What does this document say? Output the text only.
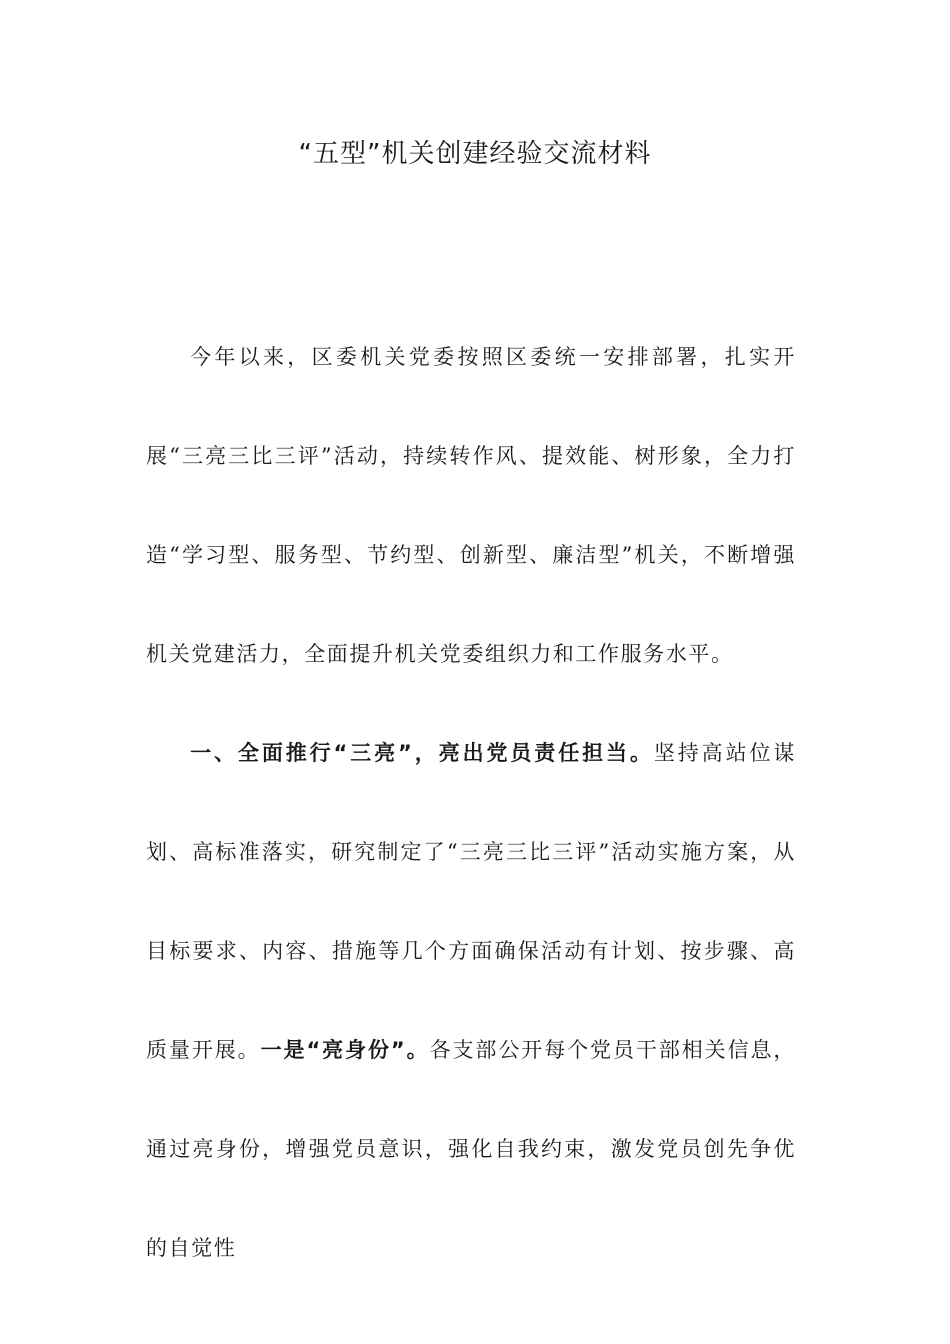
“五型”机关创建经验交流材料

今年以来，区委机关党委按照区委统一安排部署，扎实开展“三亮三比三评”活动，持续转作风、提效能、树形象，全力打造“学习型、服务型、节约型、创新型、廉洁型”机关，不断增强机关党建活力，全面提升机关党委组织力和工作服务水平。

一、全面推行“三亮”，亮出党员责任担当。坚持高站位谋划、高标准落实，研究制定了“三亮三比三评”活动实施方案，从目标要求、内容、措施等几个方面确保活动有计划、按步骤、高质量开展。一是“亮身份”。各支部公开每个党员干部相关信息，通过亮身份，增强党员意识，强化自我约束，激发党员创先争优的自觉性
